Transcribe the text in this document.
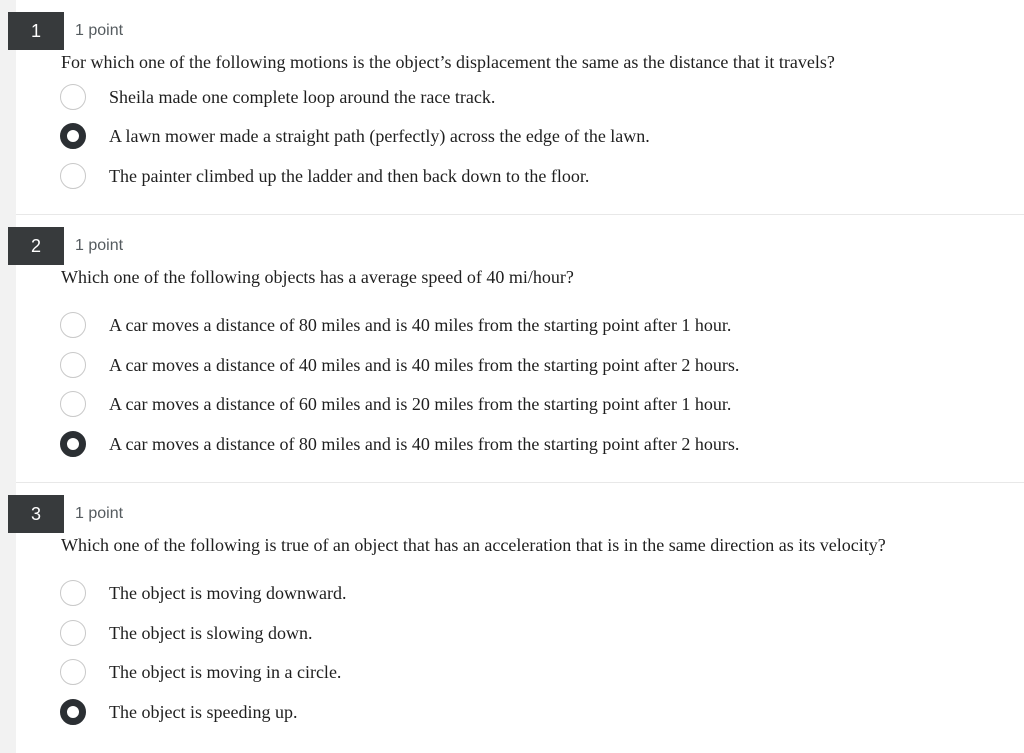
1	1 point
For which one of the following motions is the object’s displacement the same as the distance that it travels?
Sheila made one complete loop around the race track.
A lawn mower made a straight path (perfectly) across the edge of the lawn.
The painter climbed up the ladder and then back down to the floor.
2	1 point
Which one of the following objects has a average speed of 40 mi/hour?
A car moves a distance of 80 miles and is 40 miles from the starting point after 1 hour.
A car moves a distance of 40 miles and is 40 miles from the starting point after 2 hours.
A car moves a distance of 60 miles and is 20 miles from the starting point after 1 hour.
A car moves a distance of 80 miles and is 40 miles from the starting point after 2 hours.
3	1 point
Which one of the following is true of an object that has an acceleration that is in the same direction as its velocity?
The object is moving downward.
The object is slowing down.
The object is moving in a circle.
The object is speeding up.
